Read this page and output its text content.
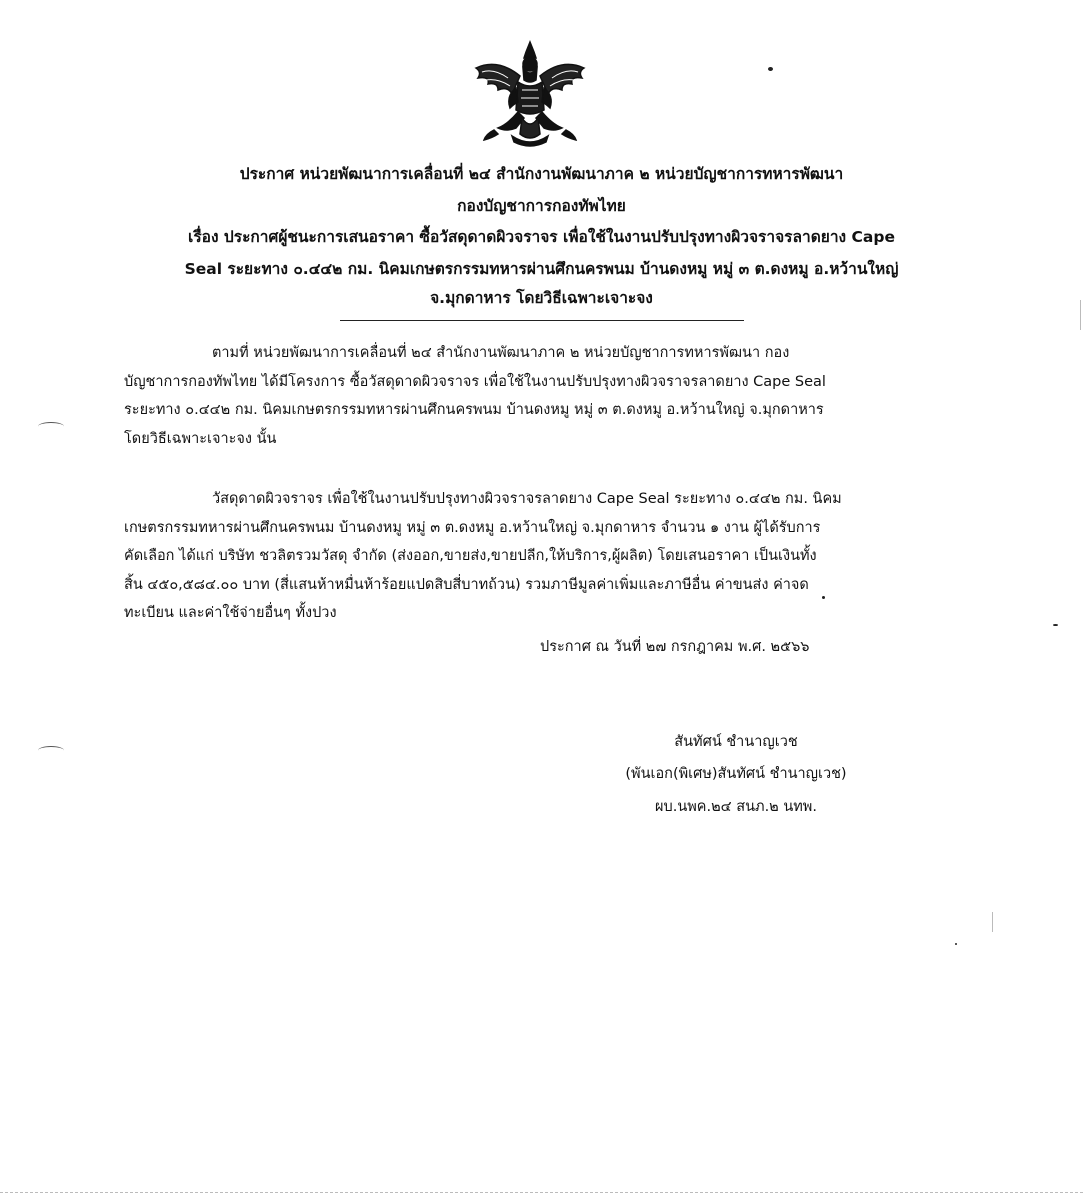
ประกาศ หน่วยพัฒนาการเคลื่อนที่ ๒๔ สำนักงานพัฒนาภาค ๒ หน่วยบัญชาการทหารพัฒนา
กองบัญชาการกองทัพไทย
เรื่อง ประกาศผู้ชนะการเสนอราคา ซื้อวัสดุดาดผิวจราจร เพื่อใช้ในงานปรับปรุงทางผิวจราจรลาดยาง Cape
Seal ระยะทาง ๐.๔๔๒ กม. นิคมเกษตรกรรมทหารผ่านศึกนครพนม บ้านดงหมู หมู่ ๓ ต.ดงหมู อ.หว้านใหญ่
จ.มุกดาหาร โดยวิธีเฉพาะเจาะจง
ตามที่ หน่วยพัฒนาการเคลื่อนที่ ๒๔ สำนักงานพัฒนาภาค ๒ หน่วยบัญชาการทหารพัฒนา กอง
บัญชาการกองทัพไทย ได้มีโครงการ ซื้อวัสดุดาดผิวจราจร เพื่อใช้ในงานปรับปรุงทางผิวจราจรลาดยาง Cape Seal
ระยะทาง ๐.๔๔๒ กม. นิคมเกษตรกรรมทหารผ่านศึกนครพนม บ้านดงหมู หมู่ ๓ ต.ดงหมู อ.หว้านใหญ่ จ.มุกดาหาร
โดยวิธีเฉพาะเจาะจง นั้น
วัสดุดาดผิวจราจร เพื่อใช้ในงานปรับปรุงทางผิวจราจรลาดยาง Cape Seal ระยะทาง ๐.๔๔๒ กม. นิคม
เกษตรกรรมทหารผ่านศึกนครพนม บ้านดงหมู หมู่ ๓ ต.ดงหมู อ.หว้านใหญ่ จ.มุกดาหาร จำนวน ๑ งาน ผู้ได้รับการ
คัดเลือก ได้แก่ บริษัท ชวลิตรวมวัสดุ จำกัด (ส่งออก,ขายส่ง,ขายปลีก,ให้บริการ,ผู้ผลิต) โดยเสนอราคา เป็นเงินทั้ง
สิ้น ๔๕๐,๕๘๔.๐๐ บาท (สี่แสนห้าหมื่นห้าร้อยแปดสิบสี่บาทถ้วน) รวมภาษีมูลค่าเพิ่มและภาษีอื่น ค่าขนส่ง ค่าจด
ทะเบียน และค่าใช้จ่ายอื่นๆ ทั้งปวง
ประกาศ ณ วันที่ ๒๗ กรกฎาคม พ.ศ. ๒๕๖๖
สันทัศน์ ชำนาญเวช
(พันเอก(พิเศษ)สันทัศน์ ชำนาญเวช)
ผบ.นพค.๒๔ สนภ.๒ นทพ.
